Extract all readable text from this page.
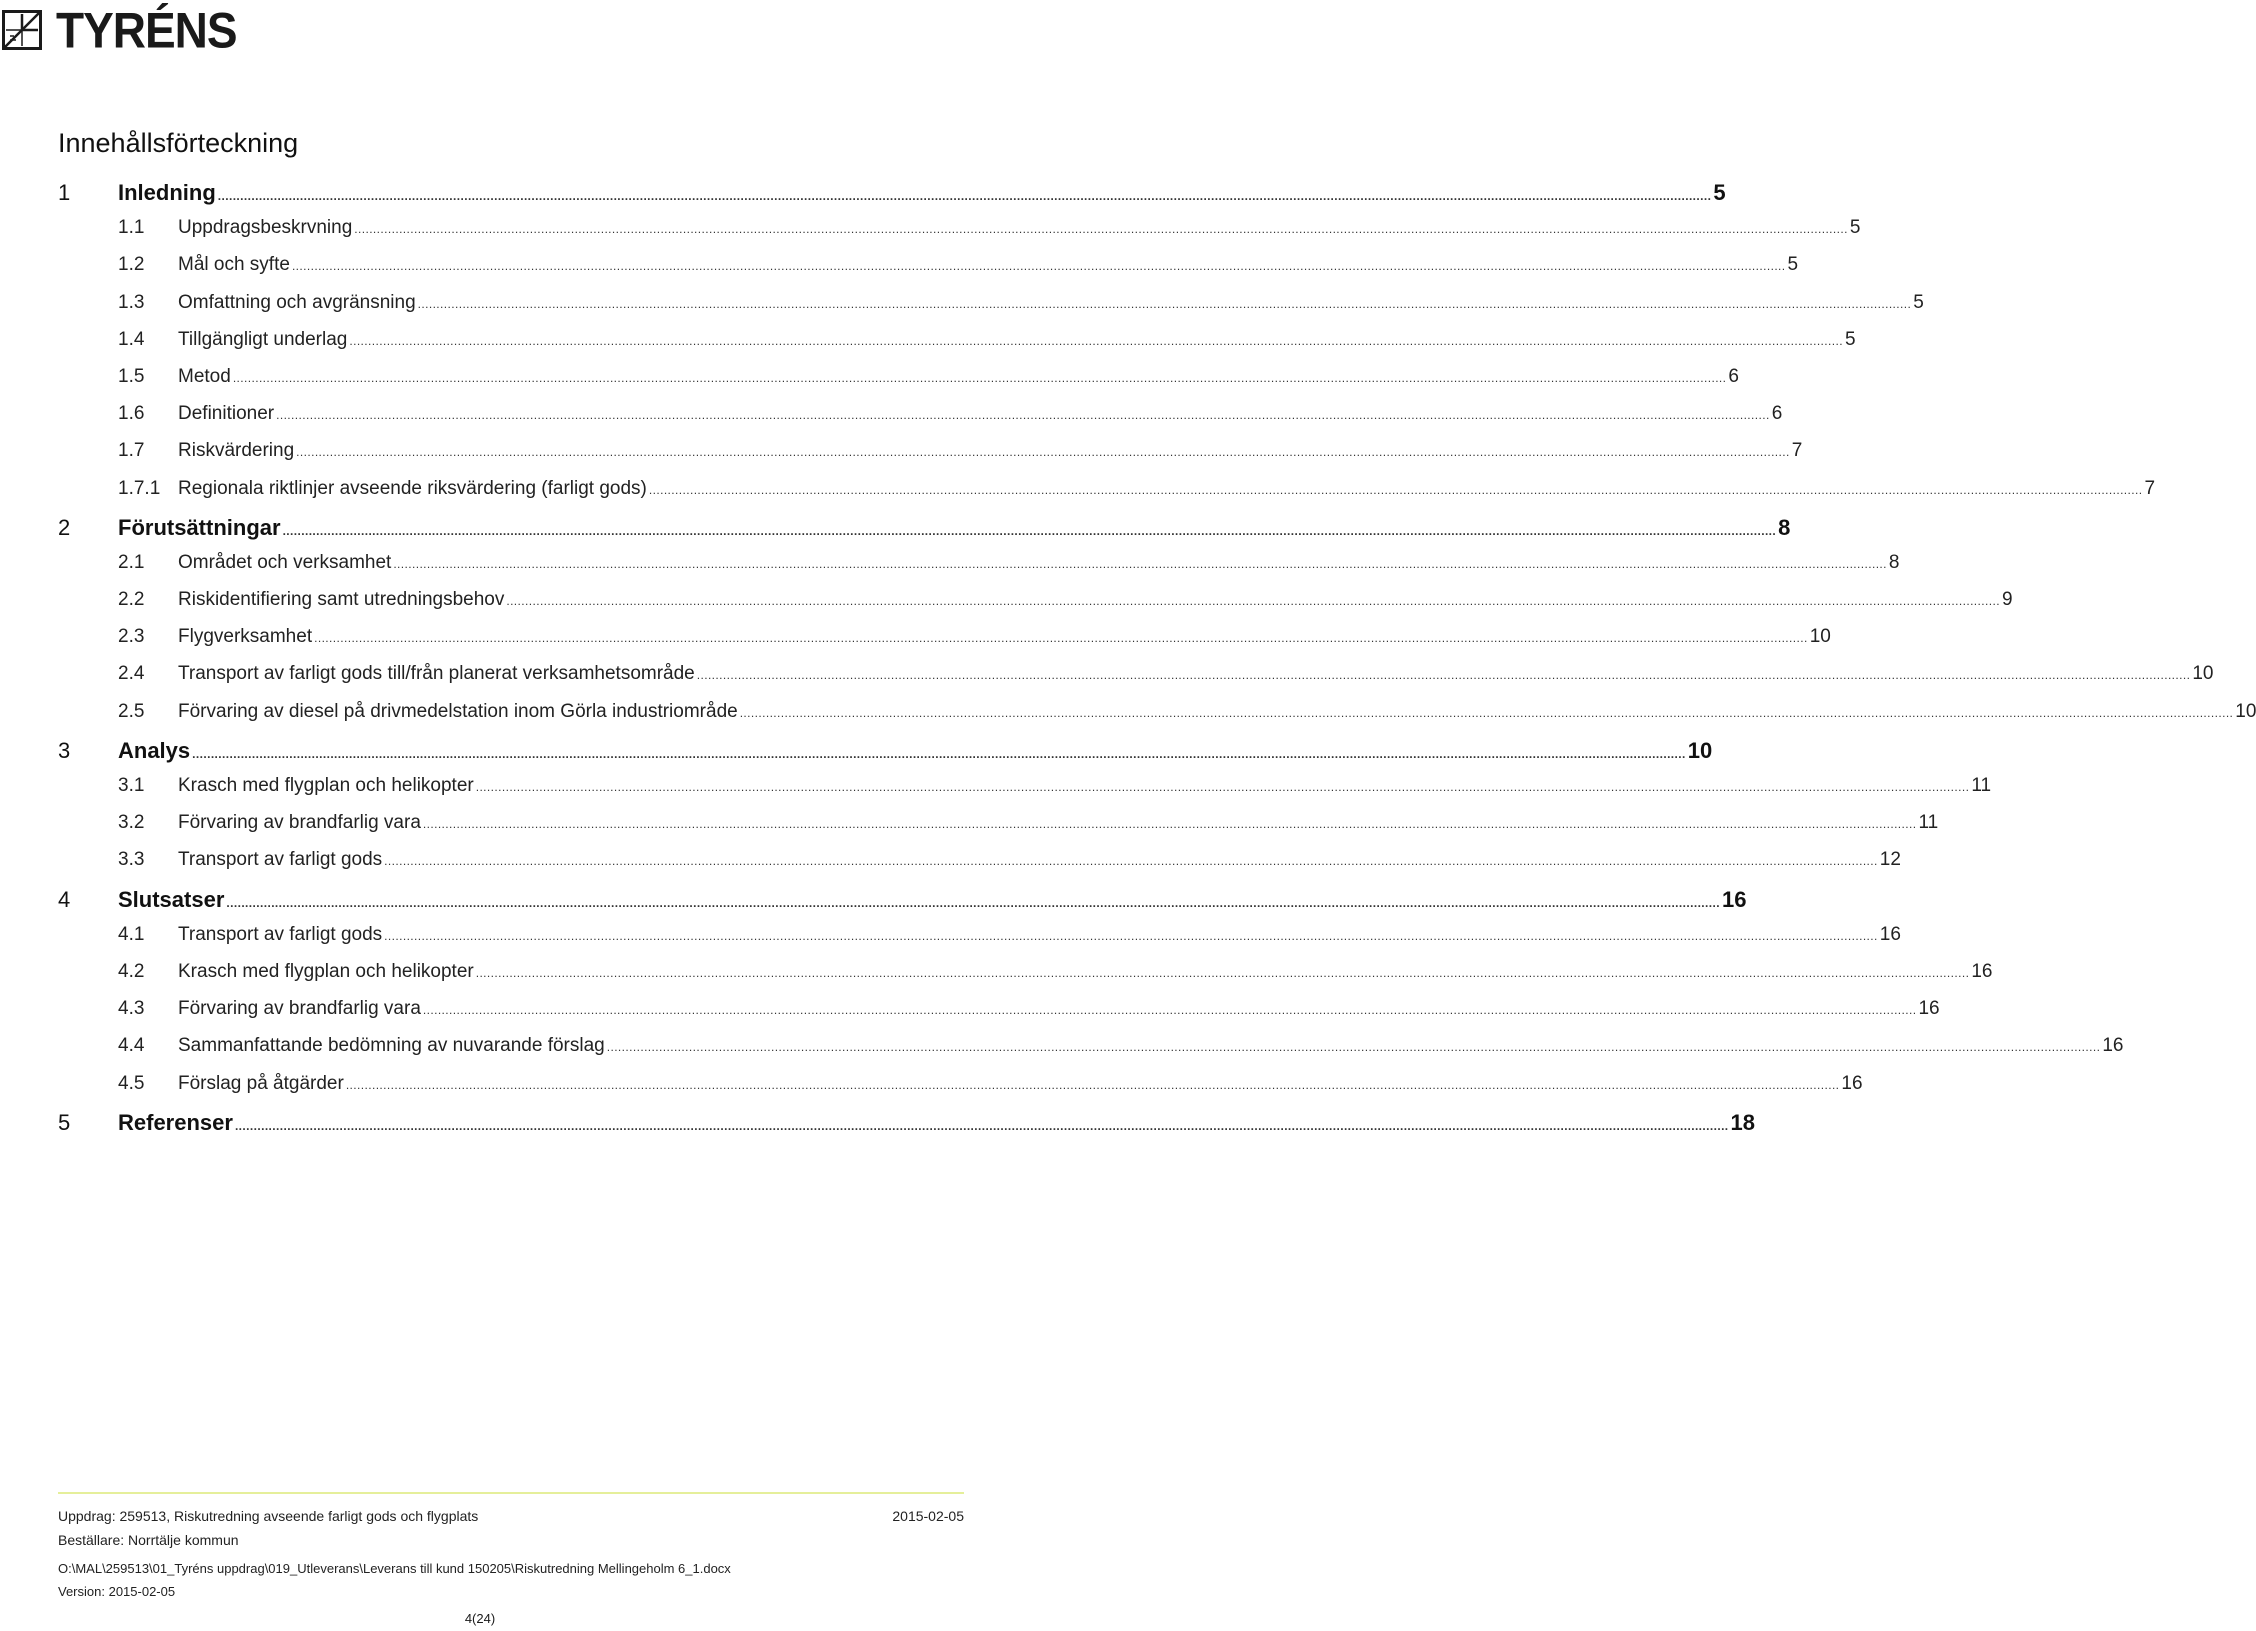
TYRÉNS
Innehållsförteckning
1	Inledning ................................................................................................................................................................................................................................................................................................................................................................................................................ 5
1.1	Uppdragsbeskrvning ................................................................................................................................................................................................................................................................................................................................................................................................................ 5
1.2	Mål och syfte ................................................................................................................................................................................................................................................................................................................................................................................................................ 5
1.3	Omfattning och avgränsning ................................................................................................................................................................................................................................................................................................................................................................................................................ 5
1.4	Tillgängligt underlag ................................................................................................................................................................................................................................................................................................................................................................................................................ 5
1.5	Metod ................................................................................................................................................................................................................................................................................................................................................................................................................ 6
1.6	Definitioner ................................................................................................................................................................................................................................................................................................................................................................................................................ 6
1.7	Riskvärdering ................................................................................................................................................................................................................................................................................................................................................................................................................ 7
1.7.1 Regionala riktlinjer avseende riksvärdering (farligt gods) ................................................................................................................................................................................................................................................................................................................................................................................................................ 7
2	Förutsättningar ................................................................................................................................................................................................................................................................................................................................................................................................................ 8
2.1	Området och verksamhet ................................................................................................................................................................................................................................................................................................................................................................................................................ 8
2.2	Riskidentifiering samt utredningsbehov ................................................................................................................................................................................................................................................................................................................................................................................................................ 9
2.3	Flygverksamhet ................................................................................................................................................................................................................................................................................................................................................................................................................ 10
2.4	Transport av farligt gods till/från planerat verksamhetsområde ................................................................................................................................................................................................................................................................................................................................................................................................................ 10
2.5	Förvaring av diesel på drivmedelstation inom Görla industriområde ................................................................................................................................................................................................................................................................................................................................................................................................................ 10
3	Analys ................................................................................................................................................................................................................................................................................................................................................................................................................ 10
3.1	Krasch med flygplan och helikopter ................................................................................................................................................................................................................................................................................................................................................................................................................ 11
3.2	Förvaring av brandfarlig vara ................................................................................................................................................................................................................................................................................................................................................................................................................ 11
3.3	Transport av farligt gods ................................................................................................................................................................................................................................................................................................................................................................................................................ 12
4	Slutsatser ................................................................................................................................................................................................................................................................................................................................................................................................................ 16
4.1	Transport av farligt gods ................................................................................................................................................................................................................................................................................................................................................................................................................ 16
4.2	Krasch med flygplan och helikopter ................................................................................................................................................................................................................................................................................................................................................................................................................ 16
4.3	Förvaring av brandfarlig vara ................................................................................................................................................................................................................................................................................................................................................................................................................ 16
4.4	Sammanfattande bedömning av nuvarande förslag ................................................................................................................................................................................................................................................................................................................................................................................................................ 16
4.5	Förslag på åtgärder ................................................................................................................................................................................................................................................................................................................................................................................................................ 16
5	Referenser ................................................................................................................................................................................................................................................................................................................................................................................................................ 18
Uppdrag: 259513, Riskutredning avseende farligt gods och flygplats	2015-02-05
Beställare: Norrtälje kommun
O:\MAL\259513\01_Tyréns uppdrag\019_Utleverans\Leverans till kund 150205\Riskutredning Mellingeholm 6_1.docx
Version: 2015-02-05
4(24)
